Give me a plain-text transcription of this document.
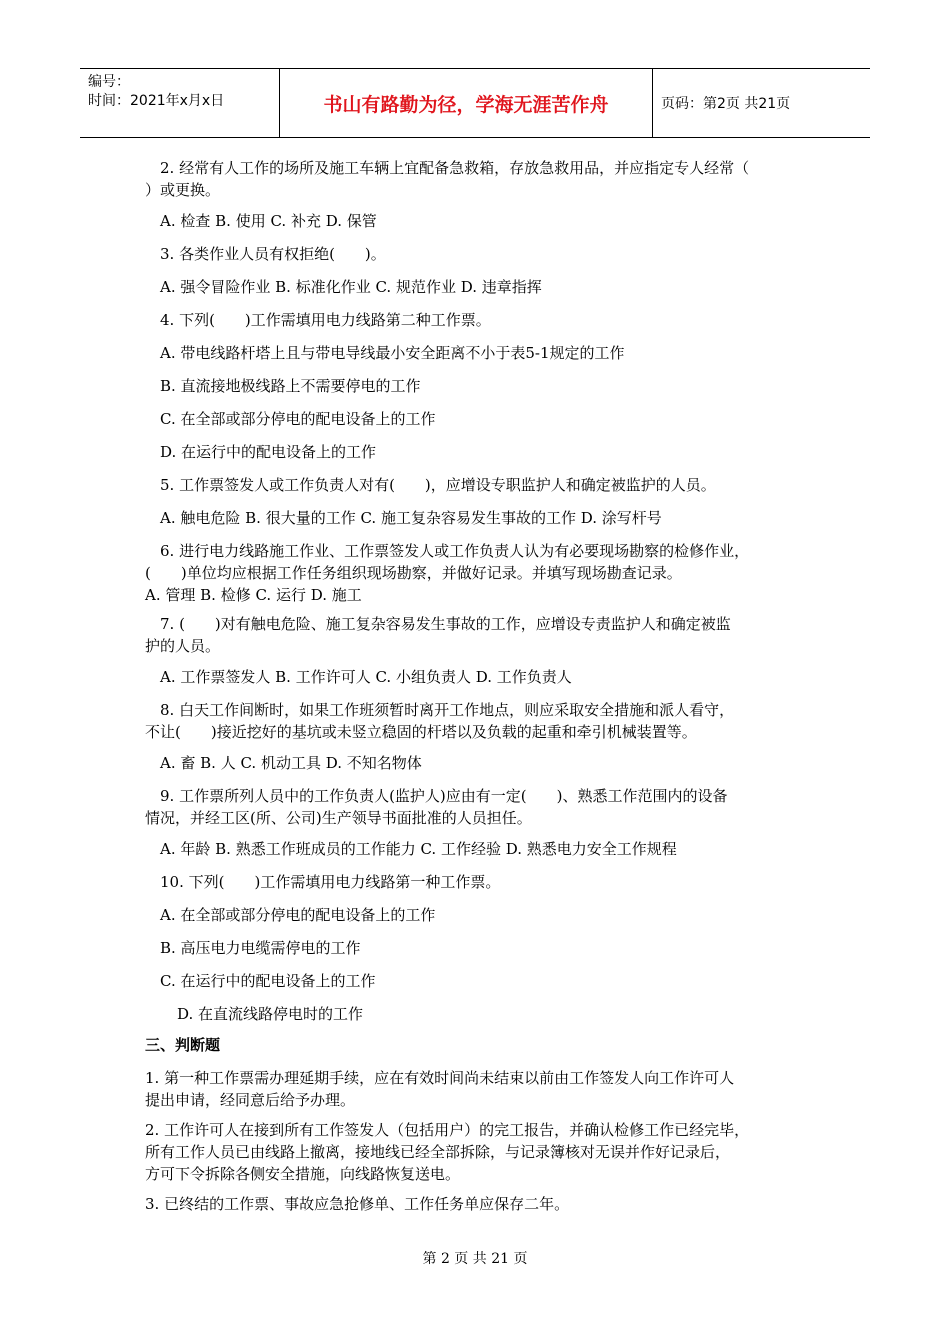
编号：
时间：2021年x月x日	书山有路勤为径，学海无涯苦作舟	页码：第2页 共21页
2. 经常有人工作的场所及施工车辆上宜配备急救箱，存放急救用品，并应指定专人经常（
）或更换。
A. 检查 B. 使用 C. 补充 D. 保管
3. 各类作业人员有权拒绝(　　)。
A. 强令冒险作业 B. 标准化作业 C. 规范作业 D. 违章指挥
4. 下列(　　)工作需填用电力线路第二种工作票。
A. 带电线路杆塔上且与带电导线最小安全距离不小于表5-1规定的工作
B. 直流接地极线路上不需要停电的工作
C. 在全部或部分停电的配电设备上的工作
D. 在运行中的配电设备上的工作
5. 工作票签发人或工作负责人对有(　　)，应增设专职监护人和确定被监护的人员。
A. 触电危险 B. 很大量的工作 C. 施工复杂容易发生事故的工作 D. 涂写杆号
6. 进行电力线路施工作业、工作票签发人或工作负责人认为有必要现场勘察的检修作业，
(　　)单位均应根据工作任务组织现场勘察，并做好记录。并填写现场勘查记录。
A. 管理 B. 检修 C. 运行 D. 施工
7. (　　)对有触电危险、施工复杂容易发生事故的工作，应增设专责监护人和确定被监
护的人员。
A. 工作票签发人 B. 工作许可人 C. 小组负责人 D. 工作负责人
8. 白天工作间断时，如果工作班须暂时离开工作地点，则应采取安全措施和派人看守，
不让(　　)接近挖好的基坑或未竖立稳固的杆塔以及负载的起重和牵引机械装置等。
A. 畜 B. 人 C. 机动工具 D. 不知名物体
9. 工作票所列人员中的工作负责人(监护人)应由有一定(　　)、熟悉工作范围内的设备
情况，并经工区(所、公司)生产领导书面批准的人员担任。
A. 年龄 B. 熟悉工作班成员的工作能力 C. 工作经验 D. 熟悉电力安全工作规程
10. 下列(　　)工作需填用电力线路第一种工作票。
A. 在全部或部分停电的配电设备上的工作
B. 高压电力电缆需停电的工作
C. 在运行中的配电设备上的工作
D. 在直流线路停电时的工作
三、判断题
1. 第一种工作票需办理延期手续，应在有效时间尚未结束以前由工作签发人向工作许可人
提出申请，经同意后给予办理。
2. 工作许可人在接到所有工作签发人（包括用户）的完工报告，并确认检修工作已经完毕，
所有工作人员已由线路上撤离，接地线已经全部拆除，与记录簿核对无误并作好记录后，
方可下令拆除各侧安全措施，向线路恢复送电。
3. 已终结的工作票、事故应急抢修单、工作任务单应保存二年。
第 2 页 共 21 页
